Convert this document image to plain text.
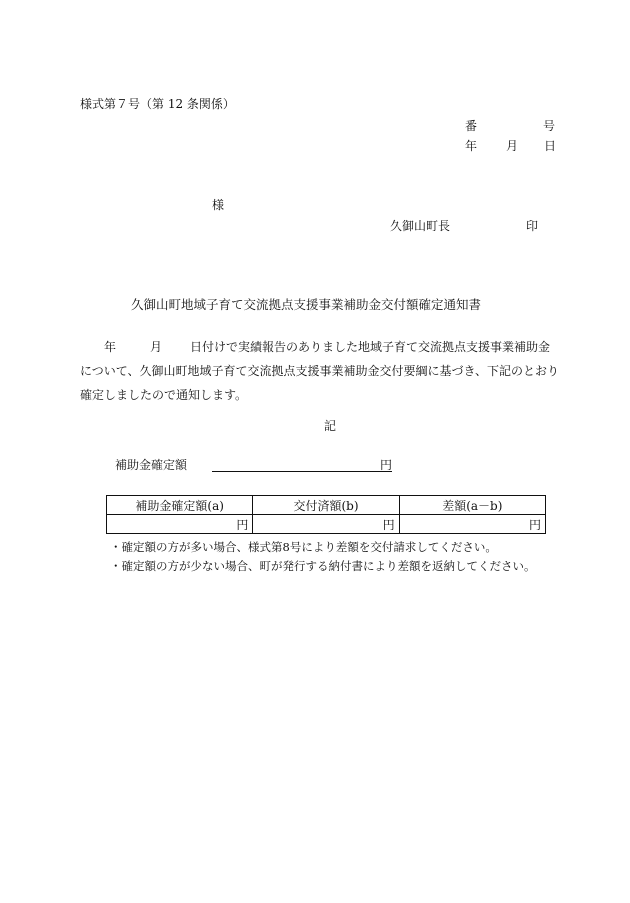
様式第７号（第 12 条関係）
番	号
年 月 日
様
久御山町長	印
久御山町地域子育て交流拠点支援事業補助金交付額確定通知書
年	月 日付けで実績報告のありました地域子育て交流拠点支援事業補助金について、久御山町地域子育て交流拠点支援事業補助金交付要綱に基づき、下記のとおり確定しましたので通知します。
記
補助金確定額	円
補助金確定額(a)	交付済額(b)	差額(a－b)
円	円	円
・確定額の方が多い場合、様式第8号により差額を交付請求してください。
・確定額の方が少ない場合、町が発行する納付書により差額を返納してください。
